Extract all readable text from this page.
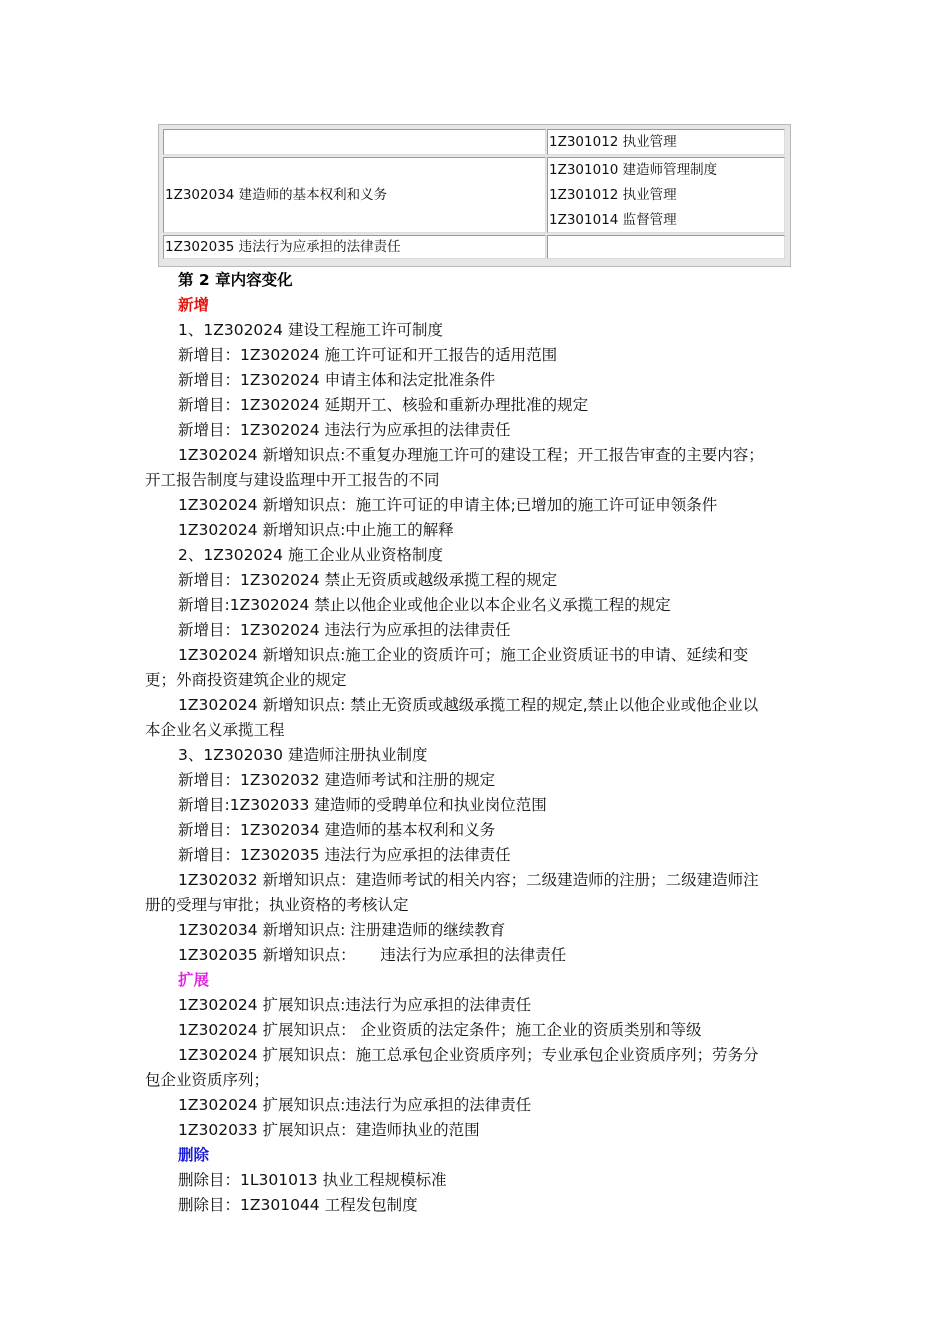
1Z301012 执业管理
1Z302034 建造师的基本权利和义务
1Z301010 建造师管理制度
1Z301012 执业管理
1Z301014 监督管理
1Z302035 违法行为应承担的法律责任
第 2 章内容变化
新增
1、1Z302024 建设工程施工许可制度
新增目：1Z302024 施工许可证和开工报告的适用范围
新增目：1Z302024 申请主体和法定批准条件
新增目：1Z302024 延期开工、核验和重新办理批准的规定
新增目：1Z302024 违法行为应承担的法律责任
1Z302024 新增知识点:不重复办理施工许可的建设工程；开工报告审查的主要内容；
开工报告制度与建设监理中开工报告的不同
1Z302024 新增知识点：施工许可证的申请主体;已增加的施工许可证申领条件
1Z302024 新增知识点:中止施工的解释
2、1Z302024 施工企业从业资格制度
新增目：1Z302024 禁止无资质或越级承揽工程的规定
新增目:1Z302024 禁止以他企业或他企业以本企业名义承揽工程的规定
新增目：1Z302024 违法行为应承担的法律责任
1Z302024 新增知识点:施工企业的资质许可；施工企业资质证书的申请、延续和变
更；外商投资建筑企业的规定
1Z302024 新增知识点: 禁止无资质或越级承揽工程的规定,禁止以他企业或他企业以
本企业名义承揽工程
3、1Z302030 建造师注册执业制度
新增目：1Z302032 建造师考试和注册的规定
新增目:1Z302033 建造师的受聘单位和执业岗位范围
新增目：1Z302034 建造师的基本权利和义务
新增目：1Z302035 违法行为应承担的法律责任
1Z302032 新增知识点：建造师考试的相关内容；二级建造师的注册；二级建造师注
册的受理与审批；执业资格的考核认定
1Z302034 新增知识点: 注册建造师的继续教育
1Z302035 新增知识点：     违法行为应承担的法律责任
扩展
1Z302024 扩展知识点:违法行为应承担的法律责任
1Z302024 扩展知识点： 企业资质的法定条件；施工企业的资质类别和等级
1Z302024 扩展知识点：施工总承包企业资质序列；专业承包企业资质序列；劳务分
包企业资质序列；
1Z302024 扩展知识点:违法行为应承担的法律责任
1Z302033 扩展知识点：建造师执业的范围
删除
删除目：1L301013 执业工程规模标准
删除目：1Z301044 工程发包制度
